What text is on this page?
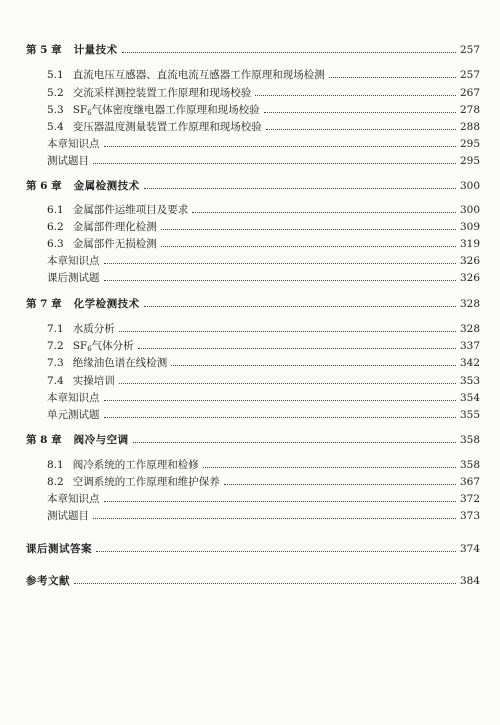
第 5 章 计量技术	257
5.1 直流电压互感器、直流电流互感器工作原理和现场检测	257
5.2 交流采样测控装置工作原理和现场校验	267
5.3 $SF_6$气体密度继电器工作原理和现场校验	278
5.4 变压器温度测量装置工作原理和现场校验	288
本章知识点	295
测试题目	295
第 6 章 金属检测技术	300
6.1 金属部件运维项目及要求	300
6.2 金属部件理化检测	309
6.3 金属部件无损检测	319
本章知识点	326
课后测试题	326
第 7 章 化学检测技术	328
7.1 水质分析	328
7.2 $SF_6$气体分析	337
7.3 绝缘油色谱在线检测	342
7.4 实操培训	353
本章知识点	354
单元测试题	355
第 8 章 阀冷与空调	358
8.1 阀冷系统的工作原理和检修	358
8.2 空调系统的工作原理和维护保养	367
本章知识点	372
测试题目	373
课后测试答案	374
参考文献	384
